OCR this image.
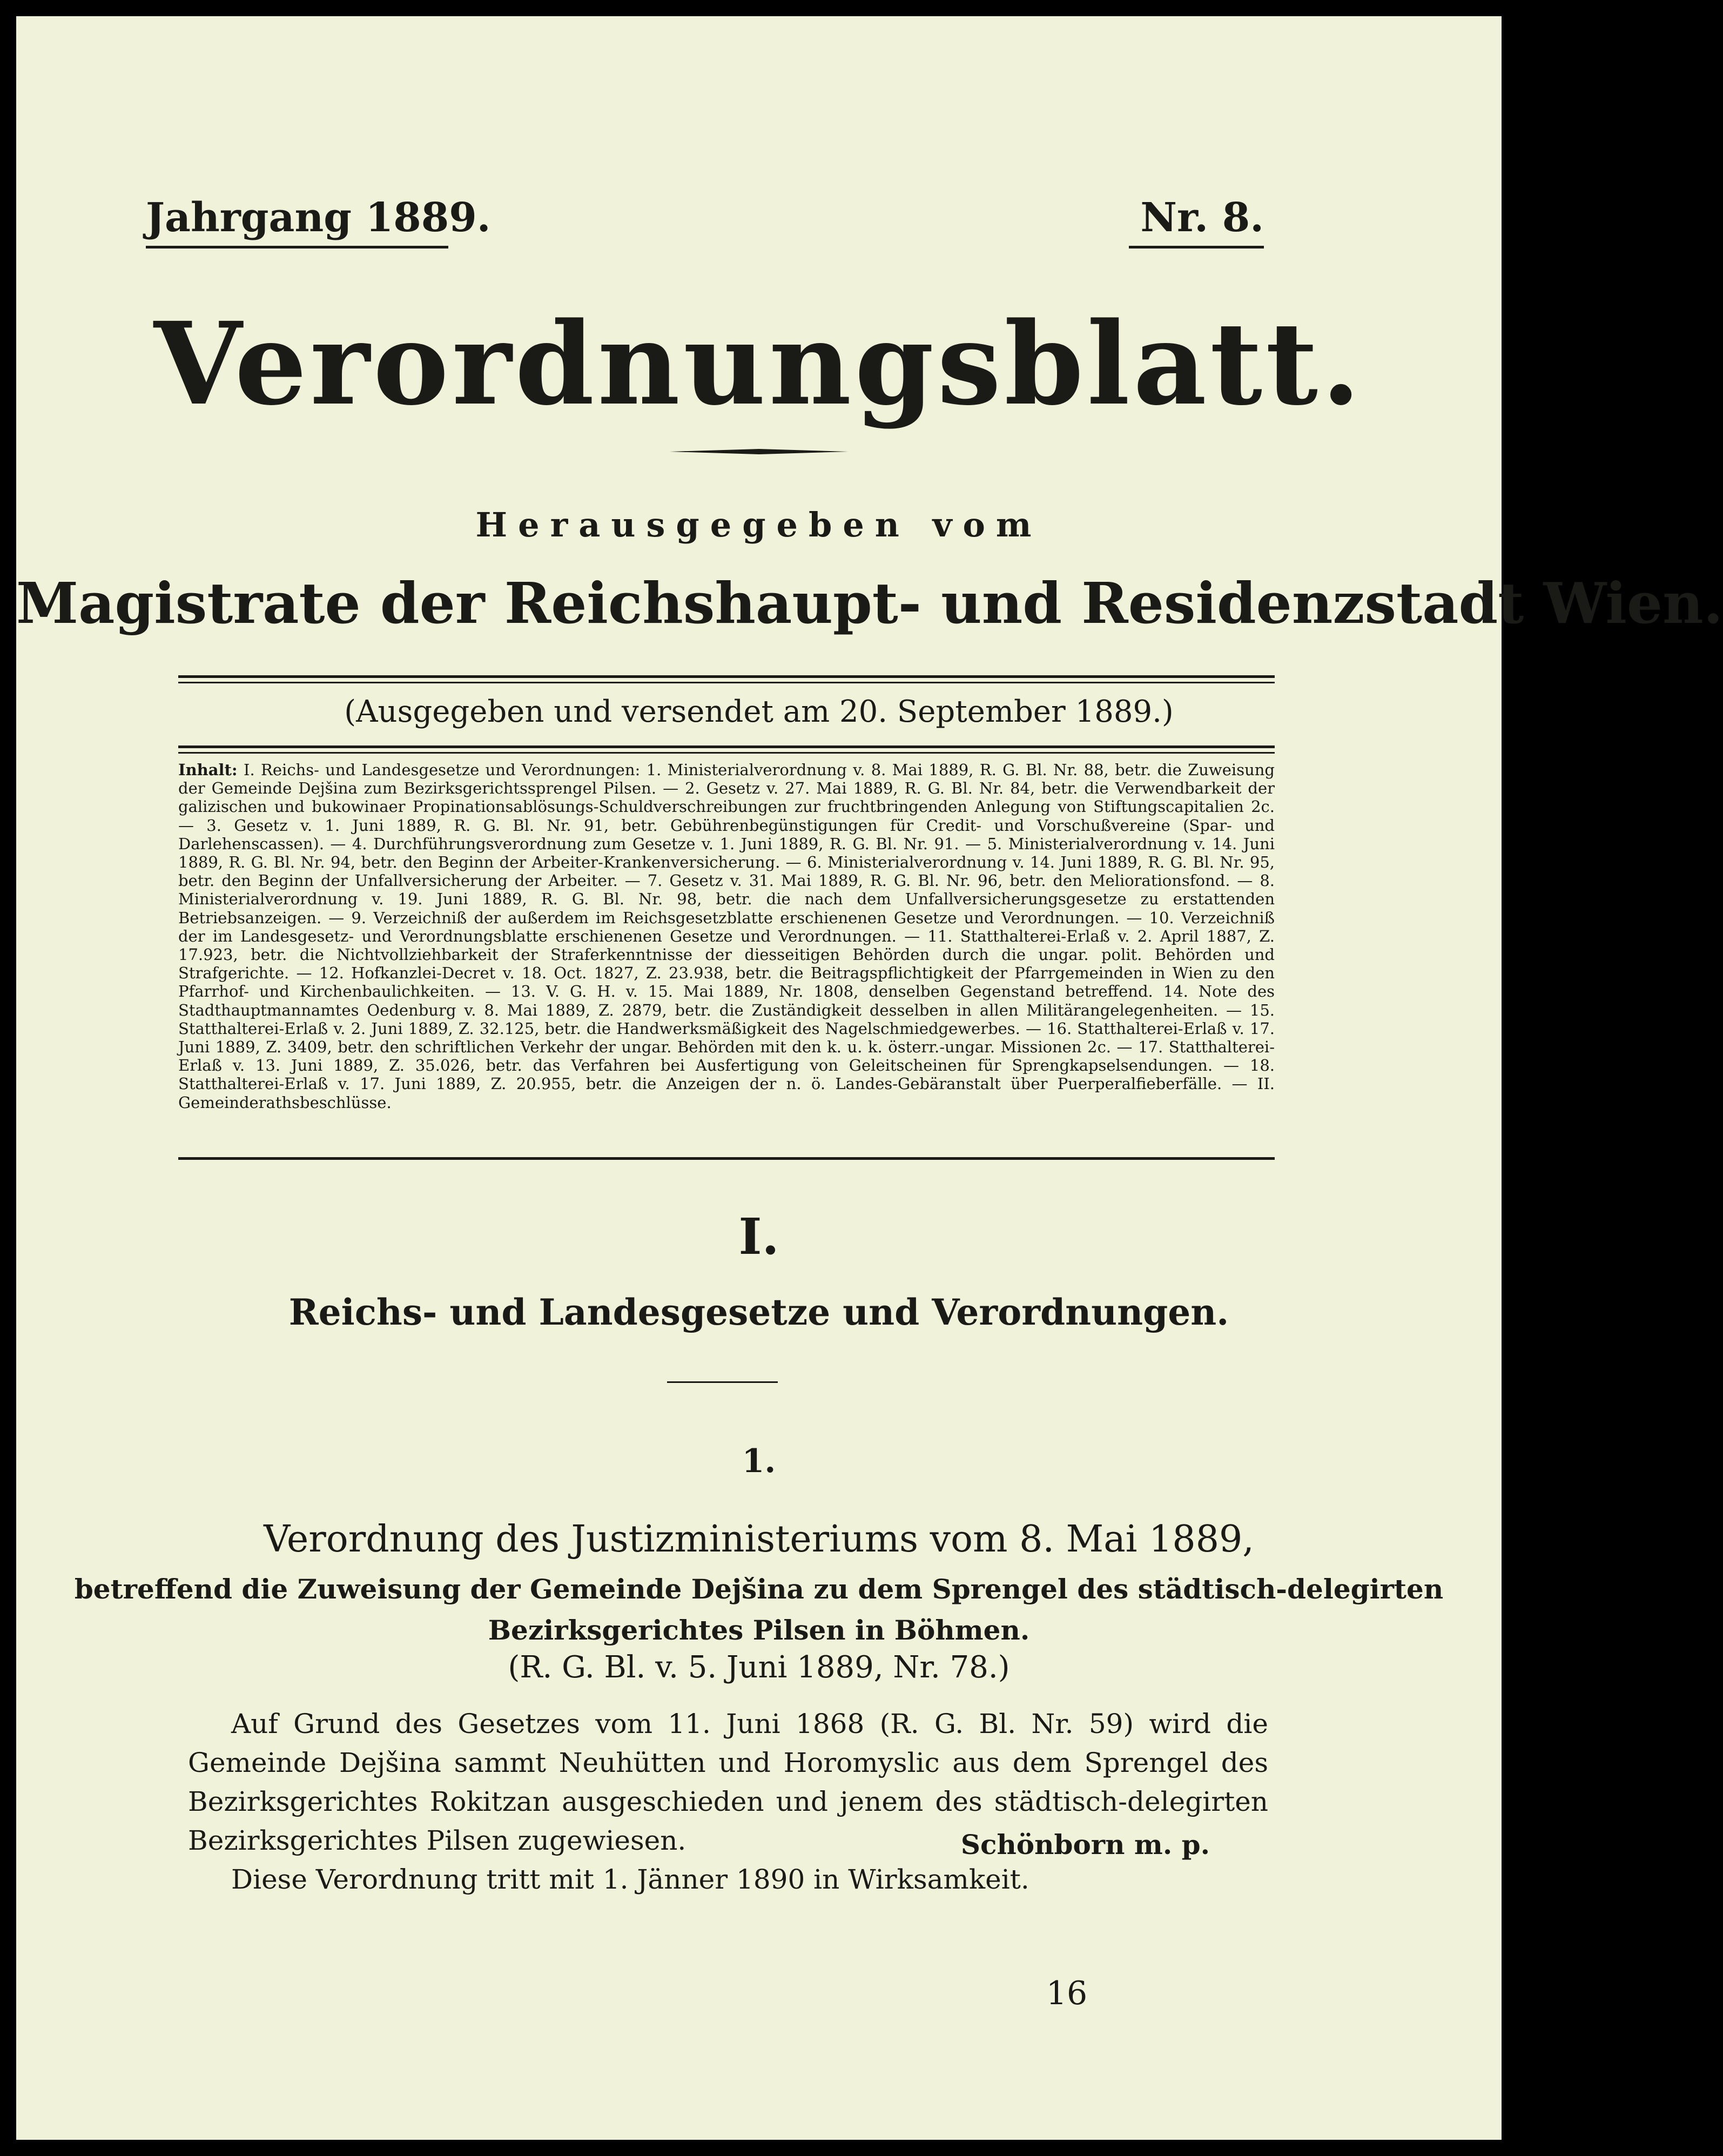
Jahrgang 1889.	Nr. 8.
Verordnungsblatt.
Herausgegeben vom
Magistrate der Reichshaupt- und Residenzstadt Wien.
(Ausgegeben und versendet am 20. September 1889.)
Inhalt: I. Reichs- und Landesgesetze und Verordnungen: 1. Ministerialverordnung v. 8. Mai 1889, R. G. Bl. Nr. 88, betr. die Zuweisung der Gemeinde Dejšina zum Bezirksgerichtssprengel Pilsen. — 2. Gesetz v. 27. Mai 1889, R. G. Bl. Nr. 84, betr. die Verwendbarkeit der galizischen und bukowinaer Propinationsablösungs-Schuldverschreibungen zur fruchtbringenden Anlegung von Stiftungscapitalien 2c. — 3. Gesetz v. 1. Juni 1889, R. G. Bl. Nr. 91, betr. Gebührenbegünstigungen für Credit- und Vorschußvereine (Spar- und Darlehenscassen). — 4. Durchführungsverordnung zum Gesetze v. 1. Juni 1889, R. G. Bl. Nr. 91. — 5. Ministerialverordnung v. 14. Juni 1889, R. G. Bl. Nr. 94, betr. den Beginn der Arbeiter-Krankenversicherung. — 6. Ministerialverordnung v. 14. Juni 1889, R. G. Bl. Nr. 95, betr. den Beginn der Unfallversicherung der Arbeiter. — 7. Gesetz v. 31. Mai 1889, R. G. Bl. Nr. 96, betr. den Meliorationsfond. — 8. Ministerialverordnung v. 19. Juni 1889, R. G. Bl. Nr. 98, betr. die nach dem Unfallversicherungsgesetze zu erstattenden Betriebsanzeigen. — 9. Verzeichniß der außerdem im Reichsgesetzblatte erschienenen Gesetze und Verordnungen. — 10. Verzeichniß der im Landesgesetz- und Verordnungsblatte erschienenen Gesetze und Verordnungen. — 11. Statthalterei-Erlaß v. 2. April 1887, Z. 17.923, betr. die Nichtvollziehbarkeit der Straferkenntnisse der diesseitigen Behörden durch die ungar. polit. Behörden und Strafgerichte. — 12. Hofkanzlei-Decret v. 18. Oct. 1827, Z. 23.938, betr. die Beitragspflichtigkeit der Pfarrgemeinden in Wien zu den Pfarrhof- und Kirchenbaulichkeiten. — 13. V. G. H. v. 15. Mai 1889, Nr. 1808, denselben Gegenstand betreffend. 14. Note des Stadthauptmannamtes Oedenburg v. 8. Mai 1889, Z. 2879, betr. die Zuständigkeit desselben in allen Militärangelegenheiten. — 15. Statthalterei-Erlaß v. 2. Juni 1889, Z. 32.125, betr. die Handwerksmäßigkeit des Nagelschmiedgewerbes. — 16. Statthalterei-Erlaß v. 17. Juni 1889, Z. 3409, betr. den schriftlichen Verkehr der ungar. Behörden mit den k. u. k. österr.-ungar. Missionen 2c. — 17. Statthalterei-Erlaß v. 13. Juni 1889, Z. 35.026, betr. das Verfahren bei Ausfertigung von Geleitscheinen für Sprengkapselsendungen. — 18. Statthalterei-Erlaß v. 17. Juni 1889, Z. 20.955, betr. die Anzeigen der n. ö. Landes-Gebäranstalt über Puerperalfieberfälle. — II. Gemeinderathsbeschlüsse.
I.
Reichs- und Landesgesetze und Verordnungen.
1.
Verordnung des Justizministeriums vom 8. Mai 1889,
betreffend die Zuweisung der Gemeinde Dejšina zu dem Sprengel des städtisch-delegirten
Bezirksgerichtes Pilsen in Böhmen.
(R. G. Bl. v. 5. Juni 1889, Nr. 78.)

Auf Grund des Gesetzes vom 11. Juni 1868 (R. G. Bl. Nr. 59) wird die Gemeinde Dejšina sammt Neuhütten und Horomyslic aus dem Sprengel des Bezirksgerichtes Rokitzan ausgeschieden und jenem des städtisch-delegirten Bezirksgerichtes Pilsen zugewiesen.

Diese Verordnung tritt mit 1. Jänner 1890 in Wirksamkeit.

Schönborn m. p.
16
